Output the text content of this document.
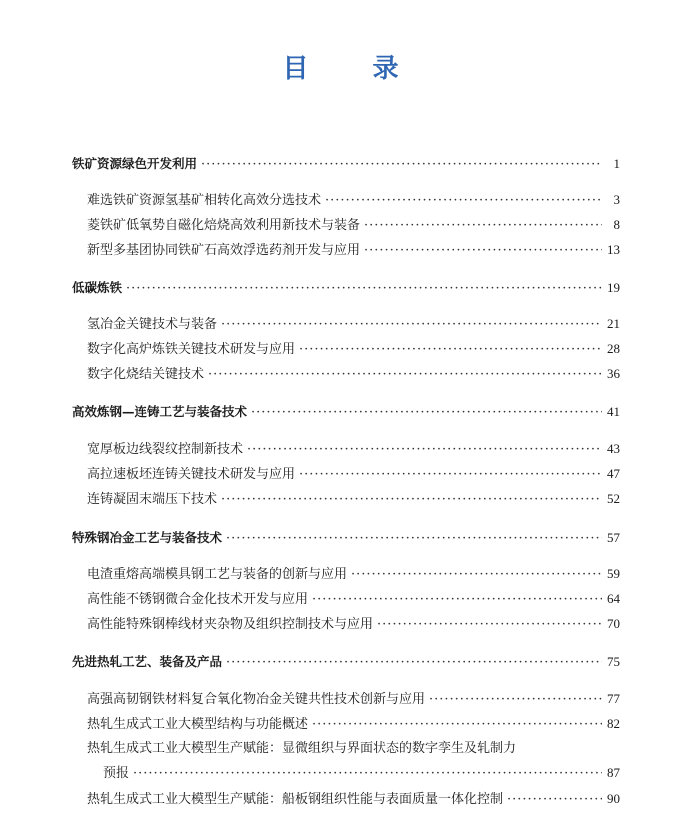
目 录
铁矿资源绿色开发利用 ·····	1
难选铁矿资源氢基矿相转化高效分选技术 ·····	3
菱铁矿低氧势自磁化焙烧高效利用新技术与装备 ·····	8
新型多基团协同铁矿石高效浮选药剂开发与应用 ·····	13
低碳炼铁 ·····	19
氢冶金关键技术与装备 ·····	21
数字化高炉炼铁关键技术研发与应用 ·····	28
数字化烧结关键技术 ·····	36
高效炼钢—连铸工艺与装备技术 ·····	41
宽厚板边线裂纹控制新技术 ·····	43
高拉速板坯连铸关键技术研发与应用 ·····	47
连铸凝固末端压下技术 ·····	52
特殊钢冶金工艺与装备技术 ·····	57
电渣重熔高端模具钢工艺与装备的创新与应用 ·····	59
高性能不锈钢微合金化技术开发与应用 ·····	64
高性能特殊钢棒线材夹杂物及组织控制技术与应用 ·····	70
先进热轧工艺、装备及产品 ·····	75
高强高韧钢铁材料复合氧化物冶金关键共性技术创新与应用 ·····	77
热轧生成式工业大模型结构与功能概述 ·····	82
热轧生成式工业大模型生产赋能：显微组织与界面状态的数字孪生及轧制力
预报 ·····	87
热轧生成式工业大模型生产赋能：船板钢组织性能与表面质量一体化控制 ·····	90
